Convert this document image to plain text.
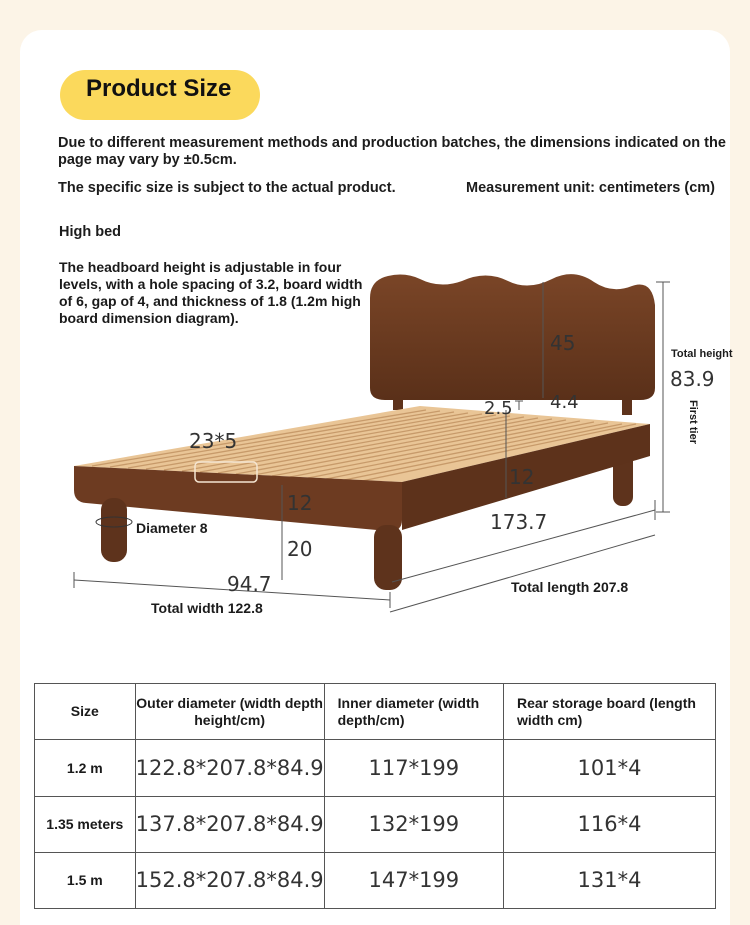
Product Size
Due to different measurement methods and production batches, the dimensions indicated on the
page may vary by ±0.5cm.
The specific size is subject to the actual product.	Measurement unit: centimeters (cm)
High bed
The headboard height is adjustable in four levels, with a hole spacing of 3.2, board width of 6, gap of 4, and thickness of 1.8 (1.2m high board dimension diagram).
45	Total height
83.9
First tier
2.5 4.4
23*5
12
12
20
Diameter 8	173.7
94.7
Total width 122.8
Total length 207.8
Size	Outer diameter (width depth height/cm)	Inner diameter (width depth/cm)	Rear storage board (length width cm)
1.2 m	122.8*207.8*84.9	117*199	101*4
1.35 meters	137.8*207.8*84.9	132*199	116*4
1.5 m	152.8*207.8*84.9	147*199	131*4
